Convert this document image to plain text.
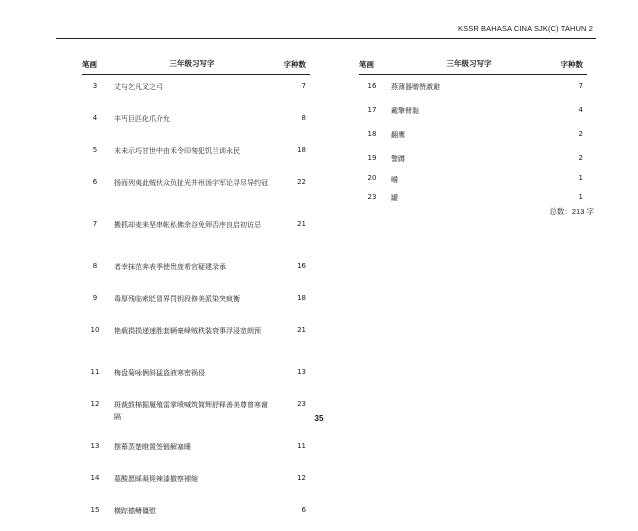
KSSR BAHASA CINA SJK(C) TAHUN 2
笔画	三年级习写字	字种数
3	丈与乞凡叉之弓	7
4	丰丐巨匹化爪介允	8
5	末未示巧甘世中由禾令印匆犯饥兰训永民	18
6	扬而列夷此贼伙众负扯光井州汤宇军论寻尽导约冠	22
7	搬抓却麦来坚串帐私佛余谷免卵否序良启初访忌	21
8	者幸抹范奔表季使贵庞希官疑建录承	16
9	毒厚残临索眨冒界罚钥段修美派染突疯衡	18
10	艳载捐损递速胜套辆豪峰贼秩装衰事浮浸宽朗预	21
11	梅盘菊咏俩斜猛盗液寒密祸侵	13
12	斑裁鼓棉掘履殖雷掌喷喊筑简辉舒释善美尊曾寒谢隔	23
13	摆幕蒸楚瞪置签锻解塞睡	11
14	墓酸愿睬凝毙辣漆撤察褪缩	12
15	横踪德鳍僵慰	6
笔画	三年级习写字	字种数
16	燕薄器赠赞激避	7
17	戴擎臂黏	4
18	翻鹰	2
19	警蹲	2
20	嚼	1
23	罐	1
总数：213 字
35
